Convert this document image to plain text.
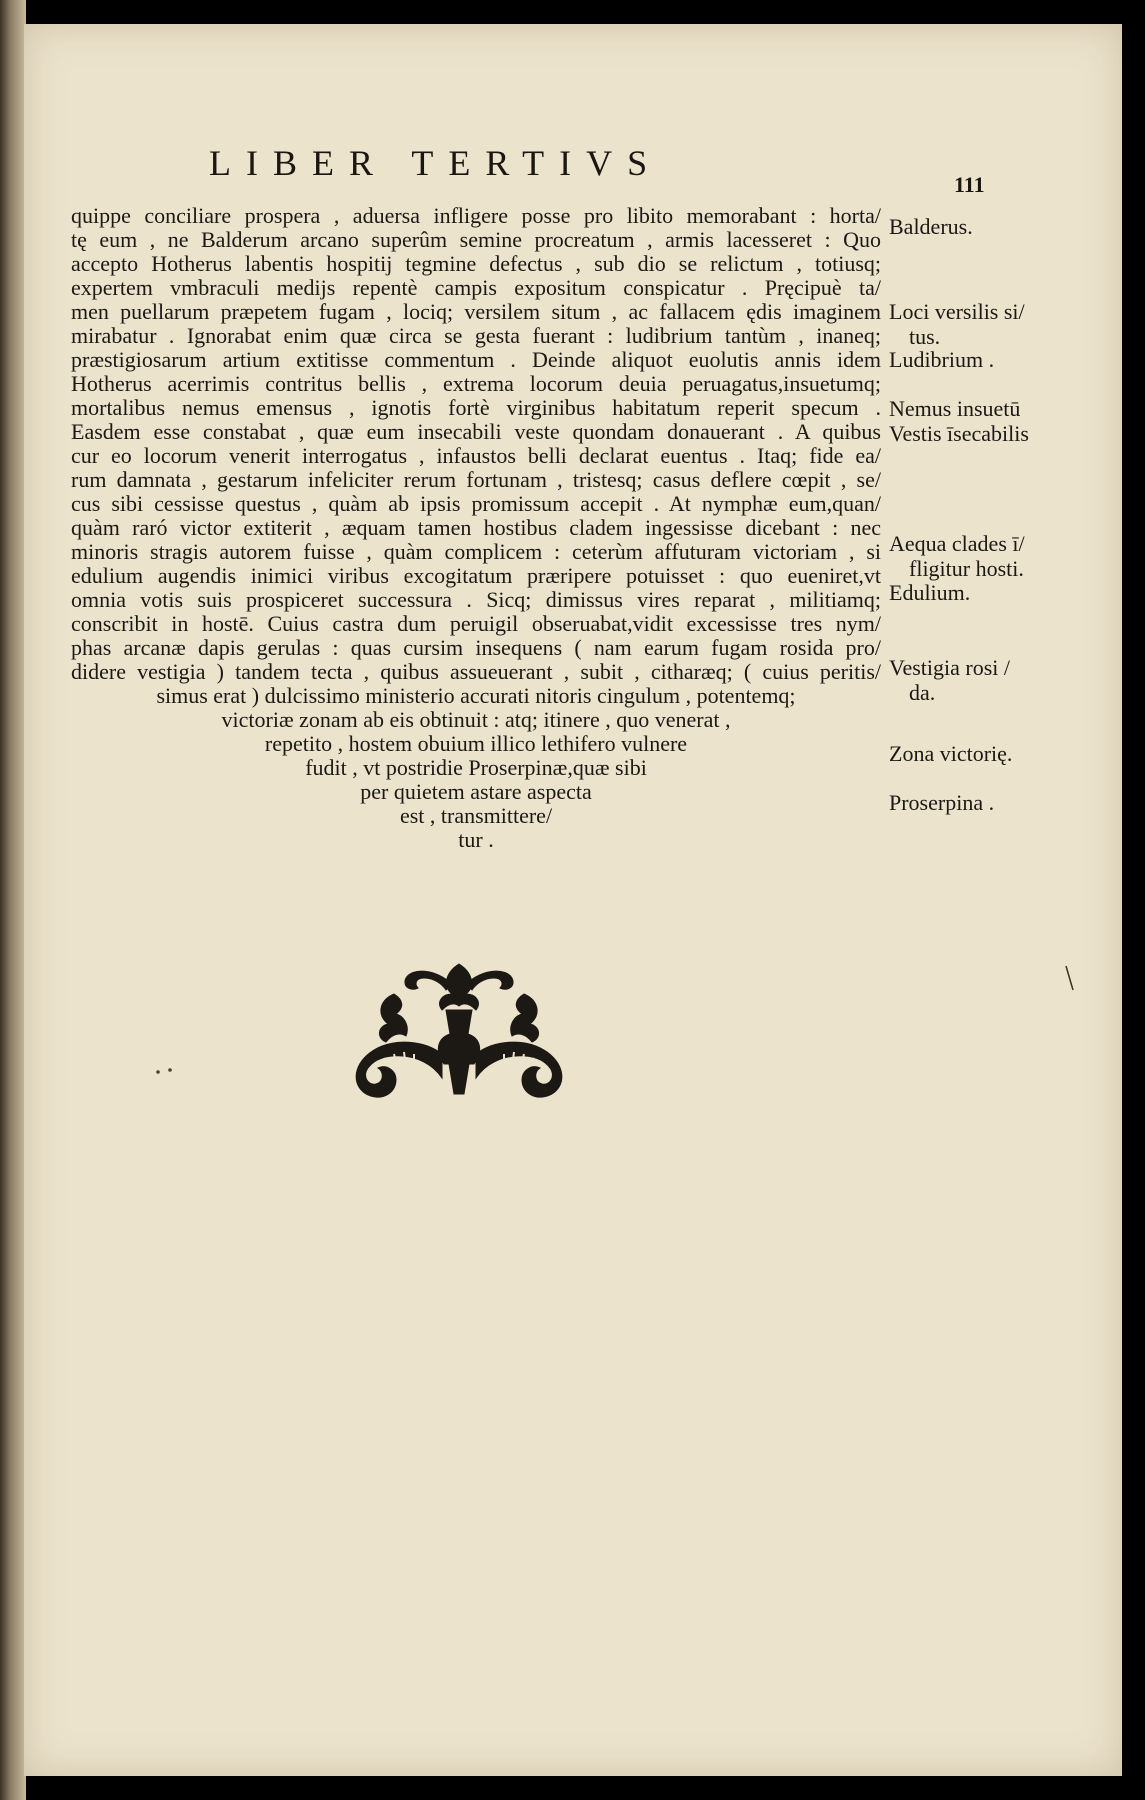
LIBER TERTIVS
111
quippe conciliare prospera , aduersa infligere posse pro libito memorabant : horta/
tę eum , ne Balderum arcano superûm semine procreatum , armis lacesseret : Quo
accepto Hotherus labentis hospitij tegmine defectus , sub dio se relictum , totiusq;
expertem vmbraculi medijs repentè campis expositum conspicatur . Pręcipuè ta/
men puellarum præpetem fugam , lociq; versilem situm , ac fallacem ędis imaginem
mirabatur . Ignorabat enim quæ circa se gesta fuerant : ludibrium tantùm , inaneq;
præstigiosarum artium extitisse commentum . Deinde aliquot euolutis annis idem
Hotherus acerrimis contritus bellis , extrema locorum deuia peruagatus,insuetumq;
mortalibus nemus emensus , ignotis fortè virginibus habitatum reperit specum .
Easdem esse constabat , quæ eum insecabili veste quondam donauerant . A quibus
cur eo locorum venerit interrogatus , infaustos belli declarat euentus . Itaq; fide ea/
rum damnata , gestarum infeliciter rerum fortunam , tristesq; casus deflere cœpit , se/
cus sibi cessisse questus , quàm ab ipsis promissum accepit . At nymphæ eum,quan/
quàm raró victor extiterit , æquam tamen hostibus cladem ingessisse dicebant : nec
minoris stragis autorem fuisse , quàm complicem : ceterùm affuturam victoriam , si
edulium augendis inimici viribus excogitatum præripere potuisset : quo eueniret,vt
omnia votis suis prospiceret successura . Sicq; dimissus vires reparat , militiamq;
conscribit in hostē. Cuius castra dum peruigil obseruabat,vidit excessisse tres nym/
phas arcanæ dapis gerulas : quas cursim insequens ( nam earum fugam rosida pro/
didere vestigia ) tandem tecta , quibus assueuerant , subit , citharæq; ( cuius peritis/
simus erat ) dulcissimo ministerio accurati nitoris cingulum , potentemq;
victoriæ zonam ab eis obtinuit : atq; itinere , quo venerat ,
repetito , hostem obuium illico lethifero vulnere
fudit , vt postridie Proserpinæ,quæ sibi
per quietem astare aspecta
est , transmittere/
tur .
Balderus.
Loci versilis si/
tus.
Ludibrium .
Nemus insuetū
Vestis īsecabilis
Aequa clades ī/
fligitur hosti.
Edulium.
Vestigia rosi /
da.
Zona victorię.
Proserpina .
